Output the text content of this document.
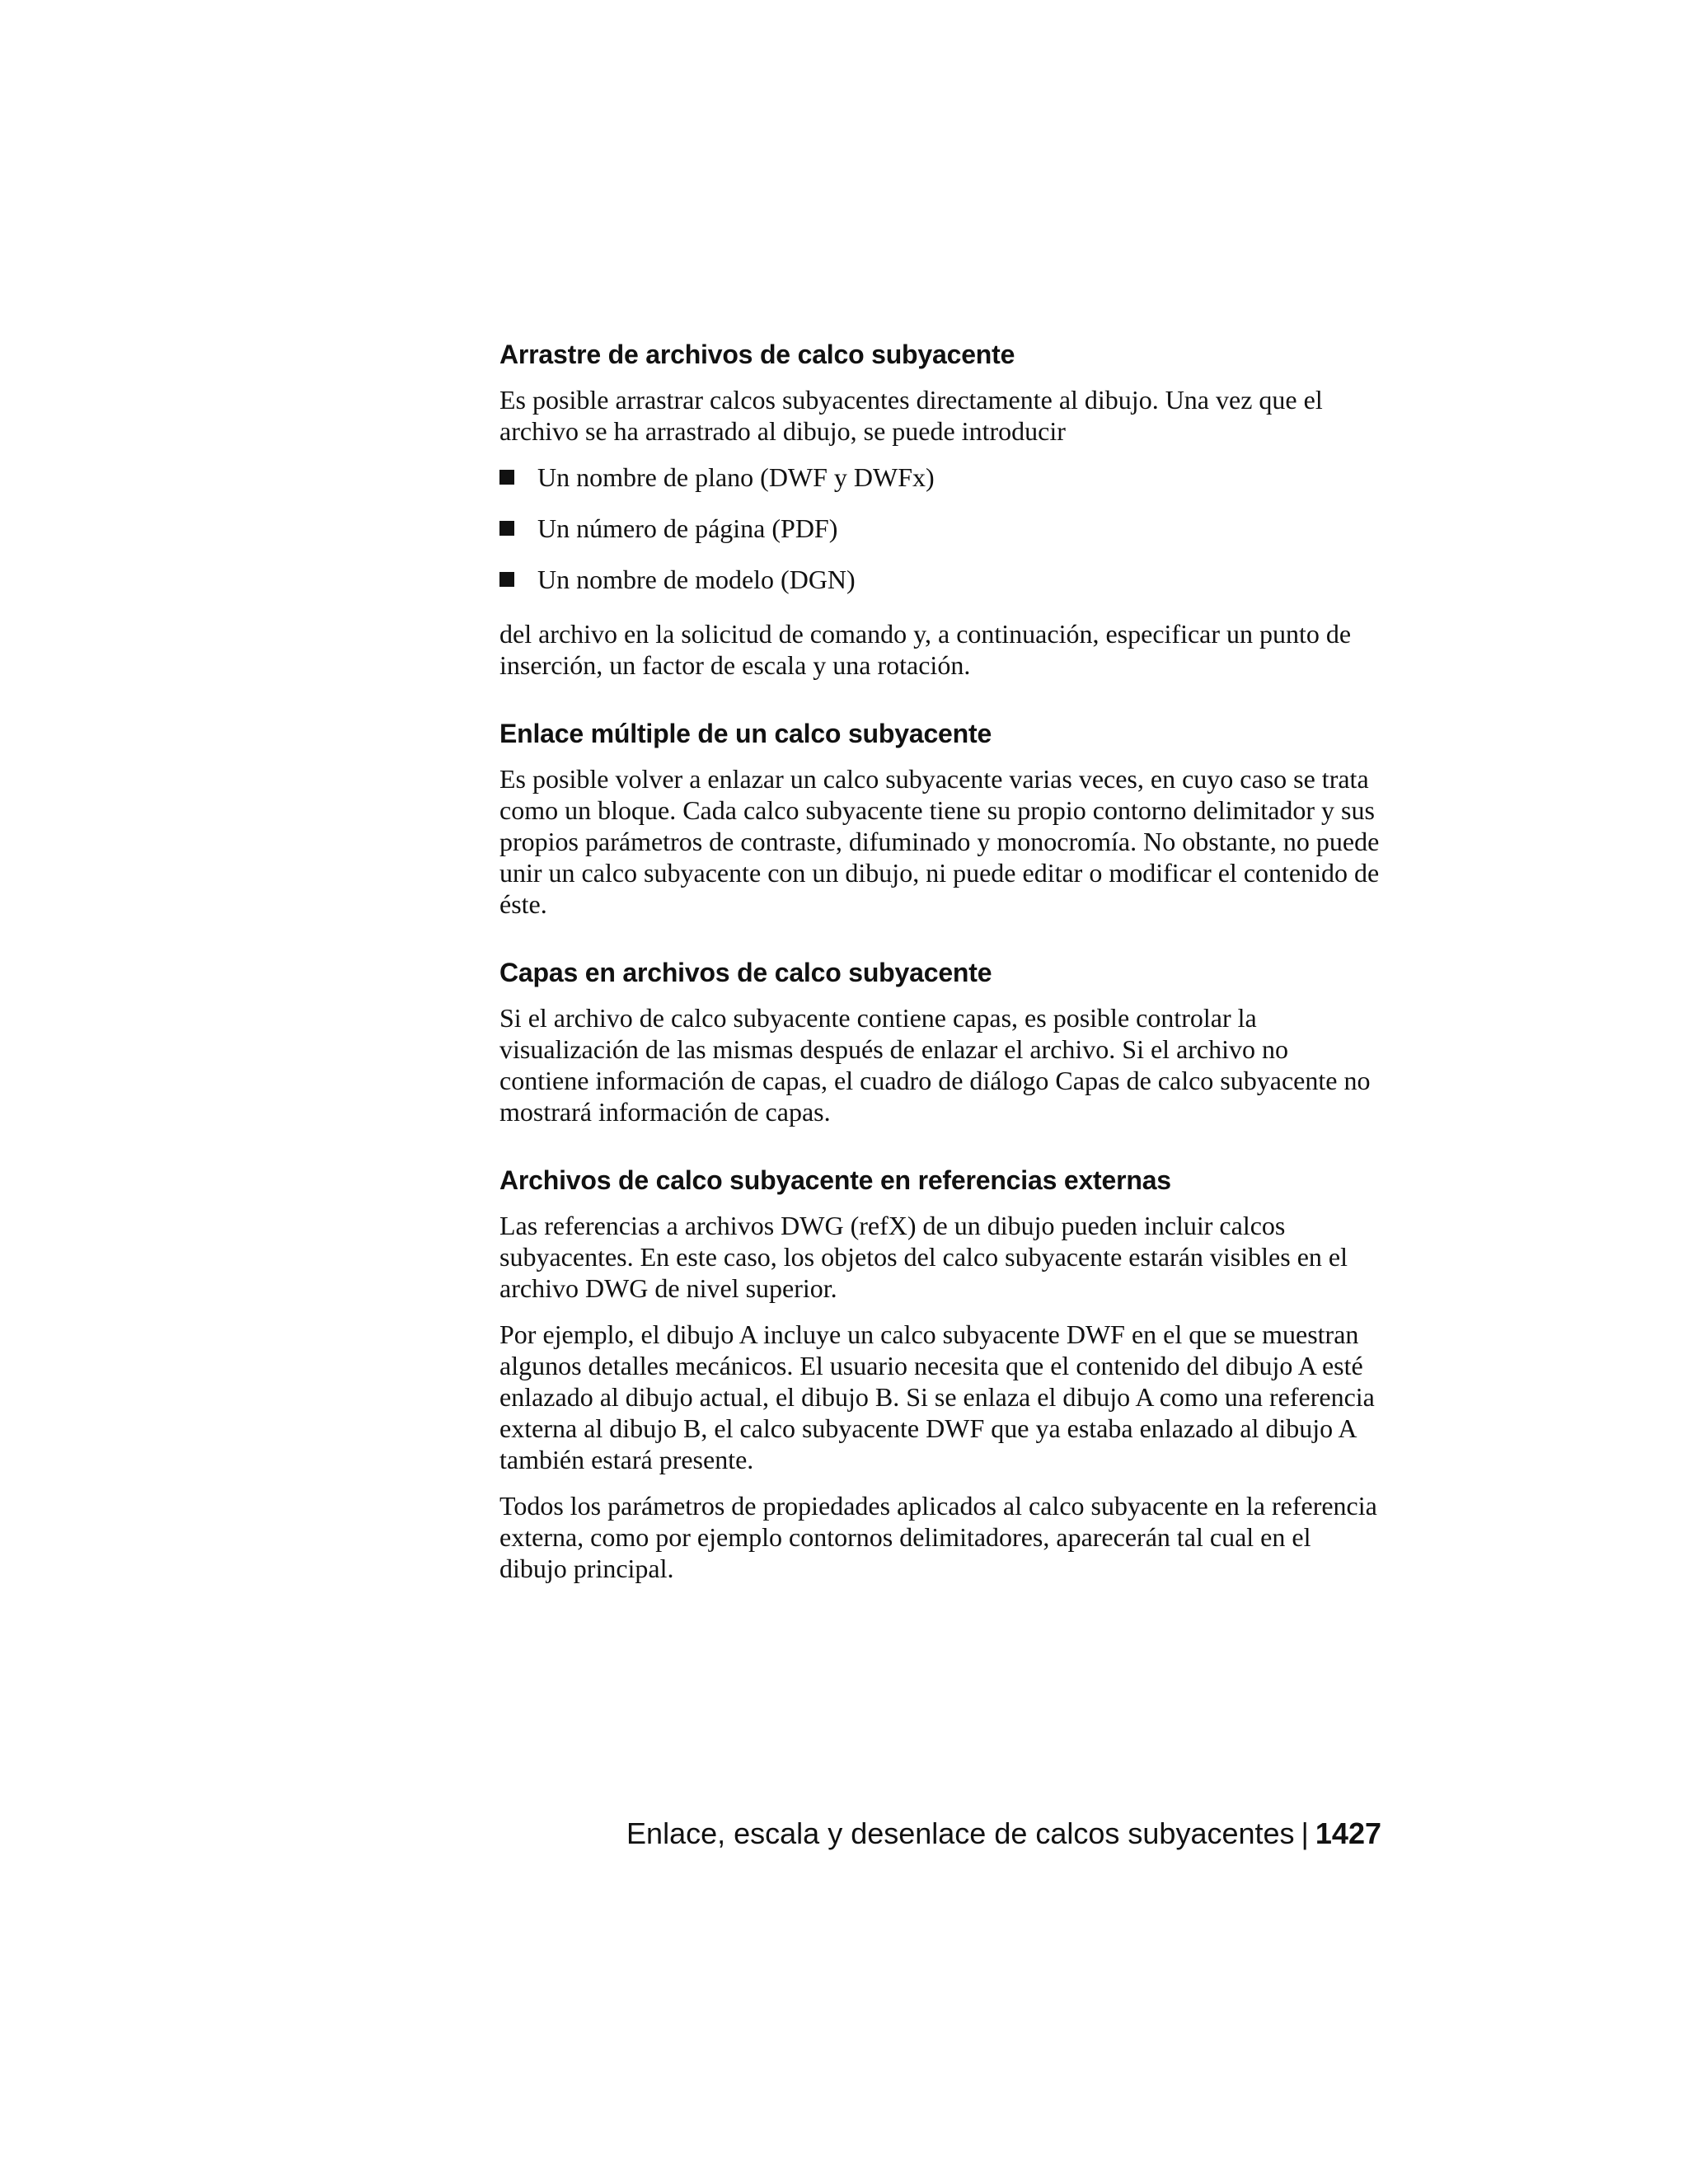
Arrastre de archivos de calco subyacente

Es posible arrastrar calcos subyacentes directamente al dibujo. Una vez que el archivo se ha arrastrado al dibujo, se puede introducir

Un nombre de plano (DWF y DWFx)
Un número de página (PDF)
Un nombre de modelo (DGN)

del archivo en la solicitud de comando y, a continuación, especificar un punto de inserción, un factor de escala y una rotación.

Enlace múltiple de un calco subyacente

Es posible volver a enlazar un calco subyacente varias veces, en cuyo caso se trata como un bloque. Cada calco subyacente tiene su propio contorno delimitador y sus propios parámetros de contraste, difuminado y monocromía. No obstante, no puede unir un calco subyacente con un dibujo, ni puede editar o modificar el contenido de éste.

Capas en archivos de calco subyacente

Si el archivo de calco subyacente contiene capas, es posible controlar la visualización de las mismas después de enlazar el archivo. Si el archivo no contiene información de capas, el cuadro de diálogo Capas de calco subyacente no mostrará información de capas.

Archivos de calco subyacente en referencias externas

Las referencias a archivos DWG (refX) de un dibujo pueden incluir calcos subyacentes. En este caso, los objetos del calco subyacente estarán visibles en el archivo DWG de nivel superior.

Por ejemplo, el dibujo A incluye un calco subyacente DWF en el que se muestran algunos detalles mecánicos. El usuario necesita que el contenido del dibujo A esté enlazado al dibujo actual, el dibujo B. Si se enlaza el dibujo A como una referencia externa al dibujo B, el calco subyacente DWF que ya estaba enlazado al dibujo A también estará presente.

Todos los parámetros de propiedades aplicados al calco subyacente en la referencia externa, como por ejemplo contornos delimitadores, aparecerán tal cual en el dibujo principal.

Enlace, escala y desenlace de calcos subyacentes | 1427
